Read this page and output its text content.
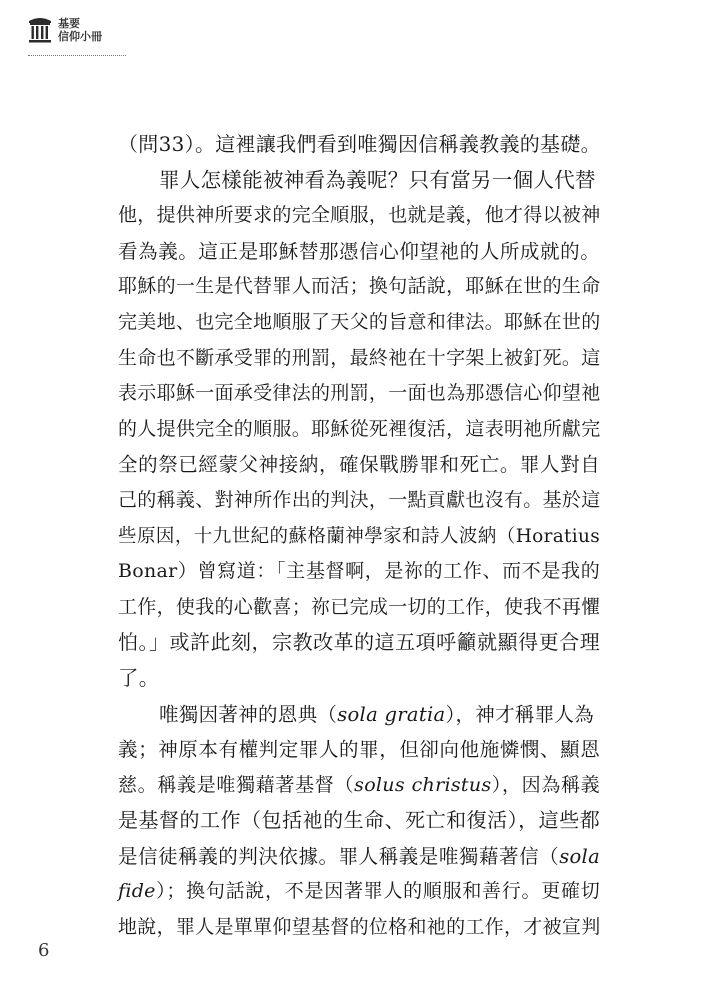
基要
信仰小冊
（問33）。這裡讓我們看到唯獨因信稱義教義的基礎。
罪人怎樣能被神看為義呢？只有當另一個人代替
他，提供神所要求的完全順服，也就是義，他才得以被神
看為義。這正是耶穌替那憑信心仰望祂的人所成就的。
耶穌的一生是代替罪人而活；換句話說，耶穌在世的生命
完美地、也完全地順服了天父的旨意和律法。耶穌在世的
生命也不斷承受罪的刑罰，最終祂在十字架上被釘死。這
表示耶穌一面承受律法的刑罰，一面也為那憑信心仰望祂
的人提供完全的順服。耶穌從死裡復活，這表明祂所獻完
全的祭已經蒙父神接納，確保戰勝罪和死亡。罪人對自
己的稱義、對神所作出的判決，一點貢獻也沒有。基於這
些原因，十九世紀的蘇格蘭神學家和詩人波納（Horatius
Bonar）曾寫道：「主基督啊，是祢的工作、而不是我的
工作，使我的心歡喜；祢已完成一切的工作，使我不再懼
怕。」或許此刻，宗教改革的這五項呼籲就顯得更合理
了。
唯獨因著神的恩典（sola gratia），神才稱罪人為
義；神原本有權判定罪人的罪，但卻向他施憐憫、顯恩
慈。稱義是唯獨藉著基督（solus christus），因為稱義
是基督的工作（包括祂的生命、死亡和復活），這些都
是信徒稱義的判決依據。罪人稱義是唯獨藉著信（sola
fide）；換句話說，不是因著罪人的順服和善行。更確切
地說，罪人是單單仰望基督的位格和祂的工作，才被宣判
6
